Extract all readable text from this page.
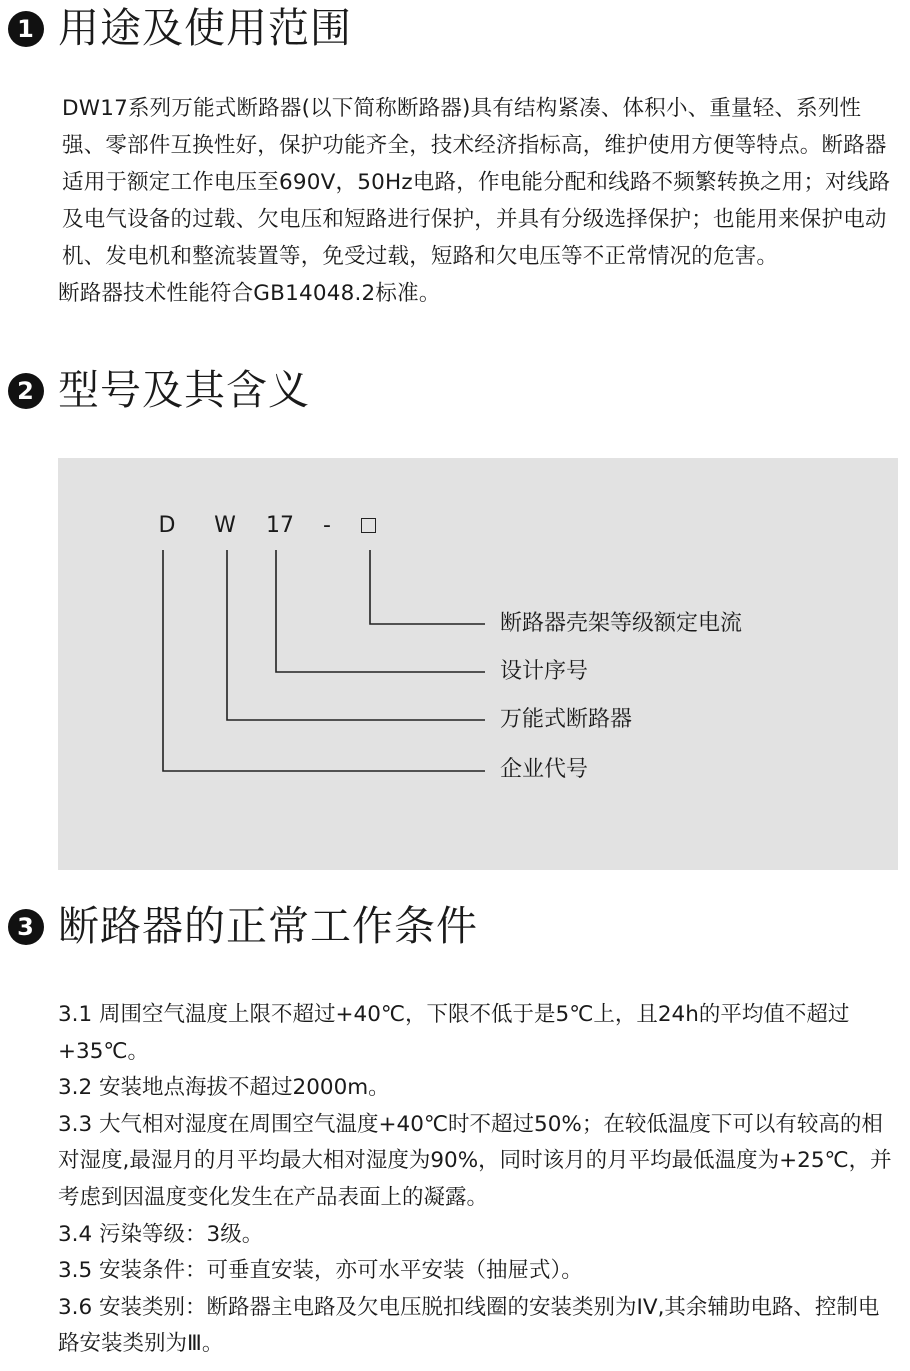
1 用途及使用范围

DW17系列万能式断路器(以下简称断路器)具有结构紧凑、体积小、重量轻、系列性强、零部件互换性好，保护功能齐全，技术经济指标高，维护使用方便等特点。断路器适用于额定工作电压至690V，50Hz电路，作电能分配和线路不频繁转换之用；对线路及电气设备的过载、欠电压和短路进行保护，并具有分级选择保护；也能用来保护电动机、发电机和整流装置等，免受过载，短路和欠电压等不正常情况的危害。

断路器技术性能符合GB14048.2标准。

2 型号及其含义
D W 17	-
断路器壳架等级额定电流
设计序号
万能式断路器
企业代号
3 断路器的正常工作条件

3.1 周围空气温度上限不超过+40℃，下限不低于是5℃上，且24h的平均值不超过+35℃。

3.2 安装地点海拔不超过2000m。

3.3 大气相对湿度在周围空气温度+40℃时不超过50%；在较低温度下可以有较高的相对湿度,最湿月的月平均最大相对湿度为90%，同时该月的月平均最低温度为+25℃，并考虑到因温度变化发生在产品表面上的凝露。

3.4 污染等级：3级。

3.5 安装条件：可垂直安装，亦可水平安装（抽屉式）。

3.6 安装类别：断路器主电路及欠电压脱扣线圈的安装类别为IV,其余辅助电路、控制电路安装类别为Ⅲ。
